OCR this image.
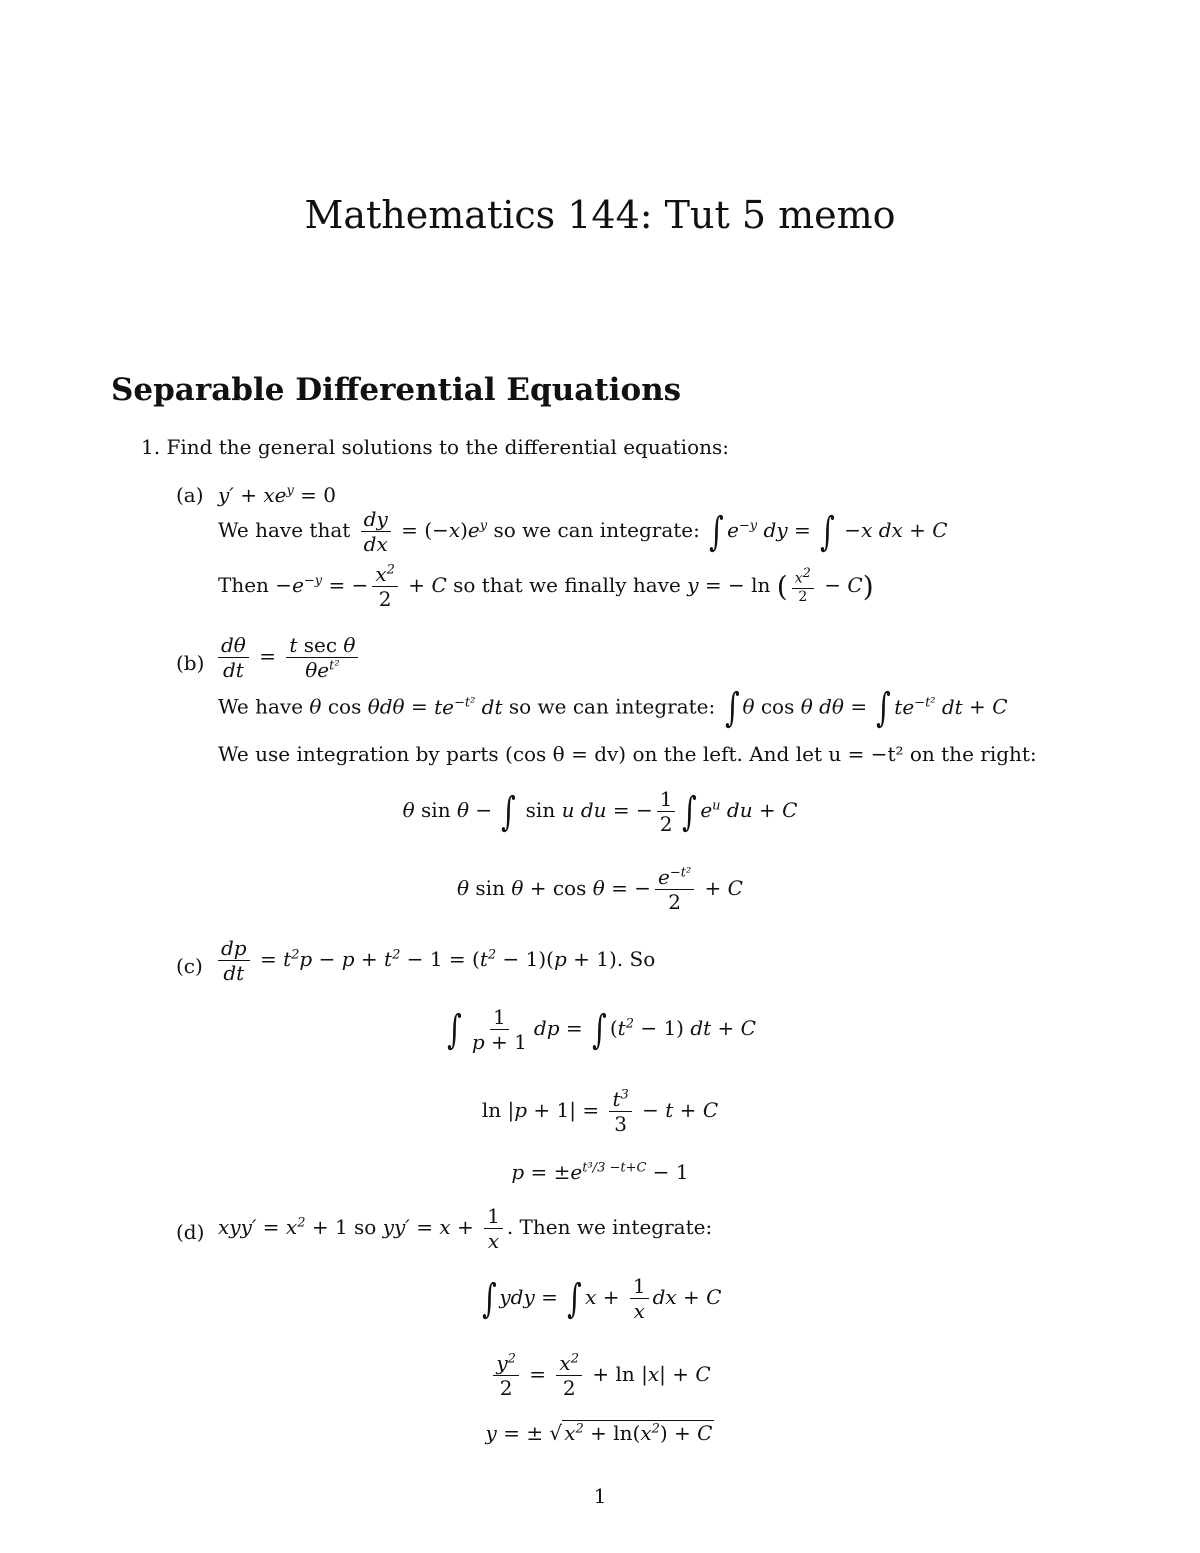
Mathematics 144: Tut 5 memo
Separable Differential Equations
1. Find the general solutions to the differential equations:
(a) $y' + xe^y = 0$
We have that $\frac{dy}{dx} = (-x)e^y$ so we can integrate: ∫ $e^{-y}$ dy = ∫ −x dx + C
Then $-e^{-y}$ = − $\frac{x^2}{2} + C$ so that we finally have y = − ln ( $\frac{x^2}{2} - C$)
$(b) \frac{d\theta}{dt} = \frac{\text{t sec θ}}{\theta e^{t^2}}$
We have θ $\cos \theta d\theta = te^{-t^2}$ dt so we can integrate: ∫ θ cos θ dθ = ∫ $te^{-t^2}$ dt + C
We use integration by parts (cos θ = dv) on the left. And let u = −t² on the right:
θ sin θ − ∫ sin u du = − $\frac{1}{2}$ ∫ $e^u$ du + C
θ sin θ + cos θ = − $\frac{e^{-t^2}}{2} + C$
$(c) \frac{dp}{dt} = t^2p - p + t^2 - 1 = (t^2 - 1)(p + 1)$. So
∫ $\frac{1}{p + 1}$ dp = ∫ $(t^2 - 1)$ dt + C
$\ln |p + 1| = \frac{t^3}{3} - t + C$
$p = \pm e^{t^3/3 -t+C} - 1$
(d) $xyy' = x^2 + 1$ so $yy' = x + \frac{1}{x}$ . Then we integrate:
∫ ydy = ∫ $x + \frac{1}{x}$ dx + C
$\frac{y^2}{2} = \frac{x^2}{2} + \ln |x| + C$
y = ± √ $x^2 + \ln(x^2) + C$
1
